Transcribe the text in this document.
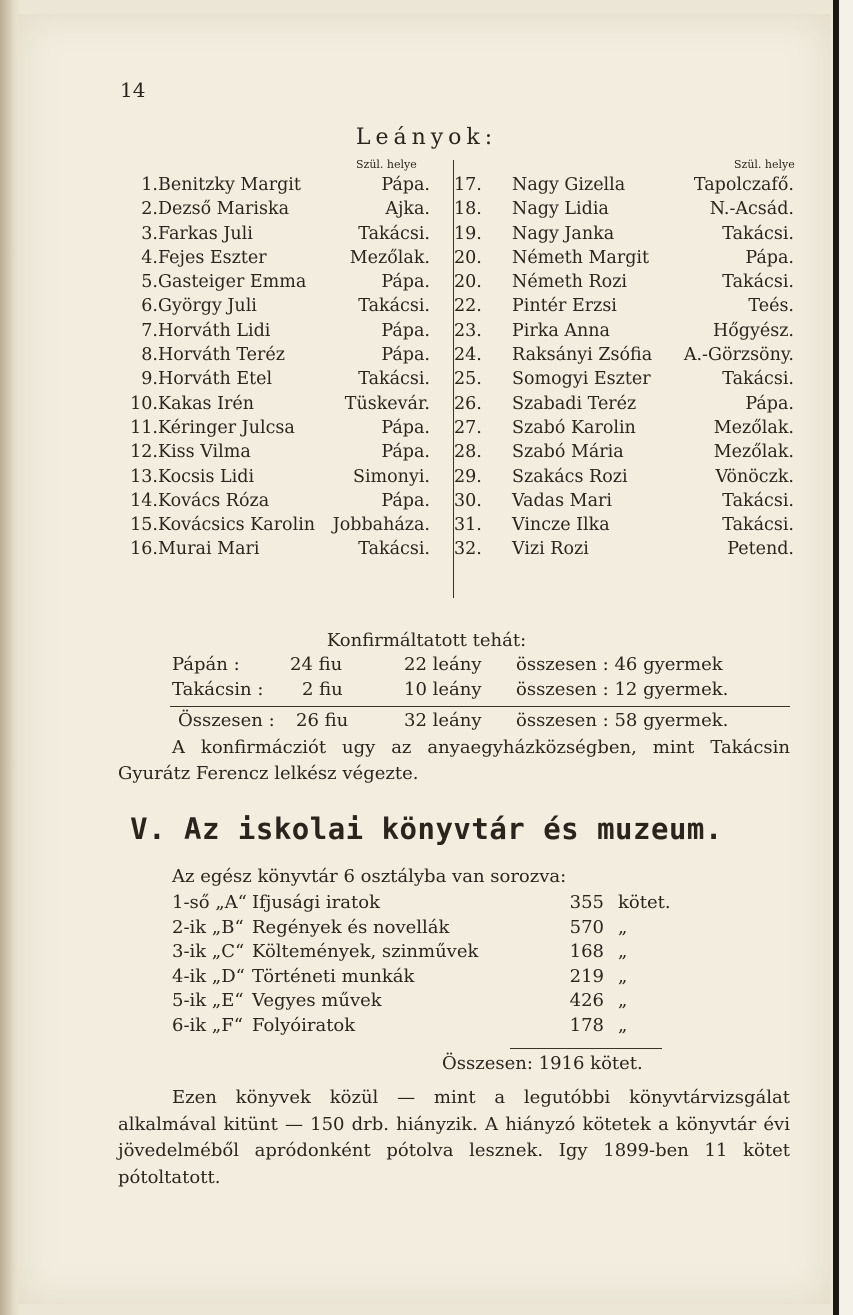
14
Leányok:
Szül. helye	Szül. helye
1. Benitzky Margit	Pápa.
2. Dezső Mariska	Ajka.
3. Farkas Juli	Takácsi.
4. Fejes Eszter	Mezőlak.
5. Gasteiger Emma	Pápa.
6. György Juli	Takácsi.
7. Horváth Lidi	Pápa.
8. Horváth Teréz	Pápa.
9. Horváth Etel	Takácsi.
10. Kakas Irén	Tüskevár.
11. Kéringer Julcsa	Pápa.
12. Kiss Vilma	Pápa.
13. Kocsis Lidi	Simonyi.
14. Kovács Róza	Pápa.
15. Kovácsics Karolin Jobbaháza.
16. Murai Mari	Takácsi.
17.	Nagy Gizella	Tapolczafő.
18.	Nagy Lidia	N.-Acsád.
19.	Nagy Janka	Takácsi.
20.	Németh Margit	Pápa.
20.	Németh Rozi	Takácsi.
22.	Pintér Erzsi	Teés.
23.	Pirka Anna	Hőgyész.
24.	Raksányi Zsófia A.-Görzsöny.
25.	Somogyi Eszter	Takácsi.
26.	Szabadi Teréz	Pápa.
27.	Szabó Karolin	Mezőlak.
28.	Szabó Mária	Mezőlak.
29.	Szakács Rozi	Vönöczk.
30.	Vadas Mari	Takácsi.
31.	Vincze Ilka	Takácsi.
32.	Vizi Rozi	Petend.
Konfirmáltatott tehát:
Pápán :	24 fiu	22 leány összesen : 46 gyermek
Takácsin : 2 fiu	10 leány összesen : 12 gyermek.
Összesen : 26 fiu	32 leány összesen : 58 gyermek.
A konfirmácziót ugy az anyaegyházközségben, mint Takácsin Gyurátz Ferencz lelkész végezte.
V. Az iskolai könyvtár és muzeum.
Az egész könyvtár 6 osztályba van sorozva:
1-ső „A“ Ifjusági iratok	355 kötet.
2-ik „B“ Regények és novellák	570 „
3-ik „C“ Költemények, szinművek	168 „
4-ik „D“ Történeti munkák	219 „
5-ik „E“ Vegyes művek	426 „
6-ik „F“ Folyóiratok	178 „
Összesen: 1916 kötet.
Ezen könyvek közül — mint a legutóbbi könyvtárvizsgálat alkalmával kitünt — 150 drb. hiányzik. A hiányzó kötetek a könyvtár évi jövedelméből apródonként pótolva lesznek. Igy 1899-ben 11 kötet pótoltatott.
